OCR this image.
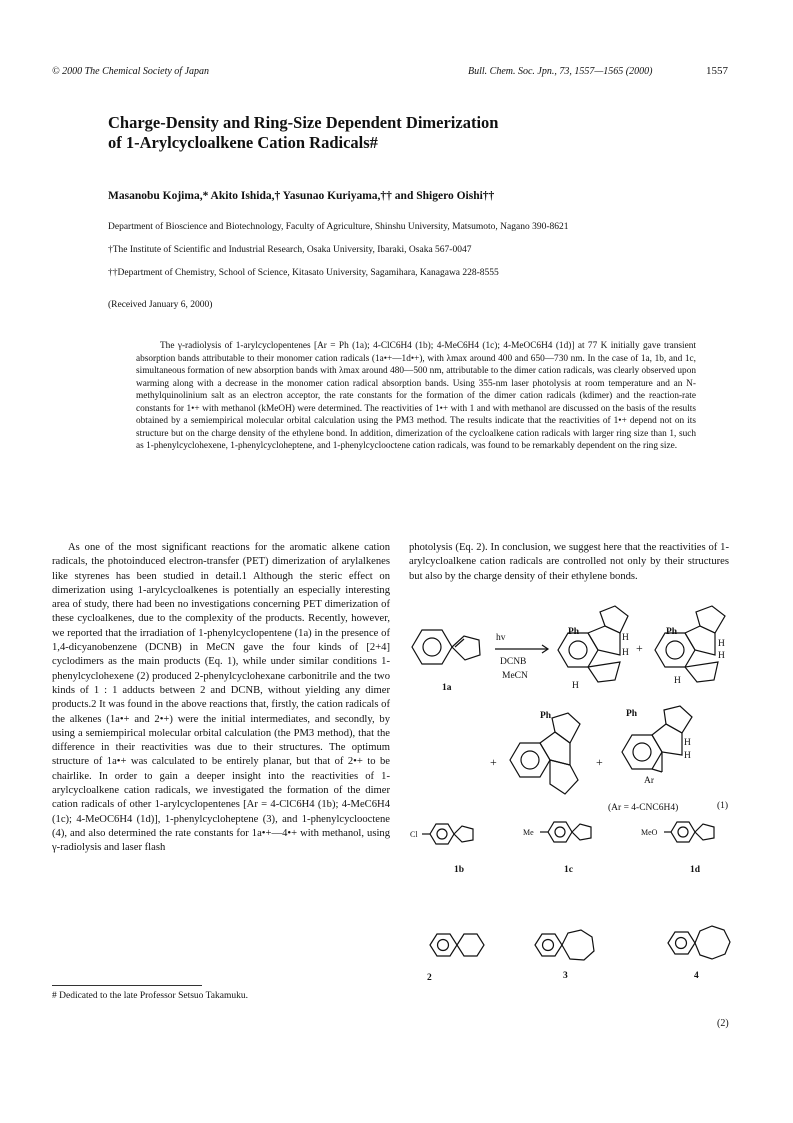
© 2000 The Chemical Society of Japan	Bull. Chem. Soc. Jpn., 73, 1557—1565 (2000)	1557
Charge-Density and Ring-Size Dependent Dimerization
of 1-Arylcycloalkene Cation Radicals#
Masanobu Kojima,* Akito Ishida,† Yasunao Kuriyama,†† and Shigero Oishi††
Department of Bioscience and Biotechnology, Faculty of Agriculture, Shinshu University, Matsumoto, Nagano 390-8621
†The Institute of Scientific and Industrial Research, Osaka University, Ibaraki, Osaka 567-0047
††Department of Chemistry, School of Science, Kitasato University, Sagamihara, Kanagawa 228-8555
(Received January 6, 2000)

The γ-radiolysis of 1-arylcyclopentenes [Ar = Ph (1a); 4-ClC6H4 (1b); 4-MeC6H4 (1c); 4-MeOC6H4 (1d)] at 77 K initially gave transient absorption bands attributable to their monomer cation radicals (1a•+—1d•+), with λmax around 400 and 650—730 nm. In the case of 1a, 1b, and 1c, simultaneous formation of new absorption bands with λmax around 480—500 nm, attributable to the dimer cation radicals, was clearly observed upon warming along with a decrease in the monomer cation radical absorption bands. Using 355-nm laser photolysis at room temperature and an N-methylquinolinium salt as an electron acceptor, the rate constants for the formation of the dimer cation radicals (kdimer) and the reaction-rate constants for 1•+ with methanol (kMeOH) were determined. The reactivities of 1•+ with 1 and with methanol are discussed on the basis of the results obtained by a semiempirical molecular orbital calculation using the PM3 method. The results indicate that the reactivities of 1•+ depend not on its structure but on the charge density of the ethylene bond. In addition, dimerization of the cycloalkene cation radicals with larger ring size than 1, such as 1-phenylcyclohexene, 1-phenylcycloheptene, and 1-phenylcyclooctene cation radicals, was found to be remarkably dependent on the ring size.

As one of the most significant reactions for the aromatic alkene cation radicals, the photoinduced electron-transfer (PET) dimerization of arylalkenes like styrenes has been studied in detail.1 Although the steric effect on dimerization using 1-arylcycloalkenes is potentially an especially interesting area of study, there had been no investigations concerning PET dimerization of these cycloalkenes, due to the complexity of the products. Recently, however, we reported that the irradiation of 1-phenylcyclopentene (1a) in the presence of 1,4-dicyanobenzene (DCNB) in MeCN gave the four kinds of [2+4] cyclodimers as the main products (Eq. 1), while under similar conditions 1-phenylcyclohexene (2) produced 2-phenylcyclohexane carbonitrile and the two kinds of 1 : 1 adducts between 2 and DCNB, without yielding any dimer products.2 It was found in the above reactions that, firstly, the cation radicals of the alkenes (1a•+ and 2•+) were the initial intermediates, and secondly, by using a semiempirical molecular orbital calculation (the PM3 method), that the difference in their reactivities was due to their structures. The optimum structure of 1a•+ was calculated to be entirely planar, but that of 2•+ to be chairlike. In order to gain a deeper insight into the reactivities of 1-arylcycloalkene cation radicals, we investigated the formation of the dimer cation radicals of other 1-arylcyclopentenes [Ar = 4-ClC6H4 (1b); 4-MeC6H4 (1c); 4-MeOC6H4 (1d)], 1-phenylcycloheptene (3), and 1-phenylcyclooctene (4), and also determined the rate constants for 1a•+—4•+ with methanol, using γ-radiolysis and laser flash

photolysis (Eq. 2). In conclusion, we suggest here that the reactivities of 1-arylcycloalkene cation radicals are controlled not only by their structures but also by the charge density of their ethylene bonds.

hv
DCNB
MeCN
1a
Ph
H
H
H
+
Ph
H
H
H
+
Ph
+
Ph
H
H
Ar
(Ar = 4-CNC6H4)	(1)
Cl	Me	MeO
1b	1c	1d
2	3	4
(2)
# Dedicated to the late Professor Setsuo Takamuku.
